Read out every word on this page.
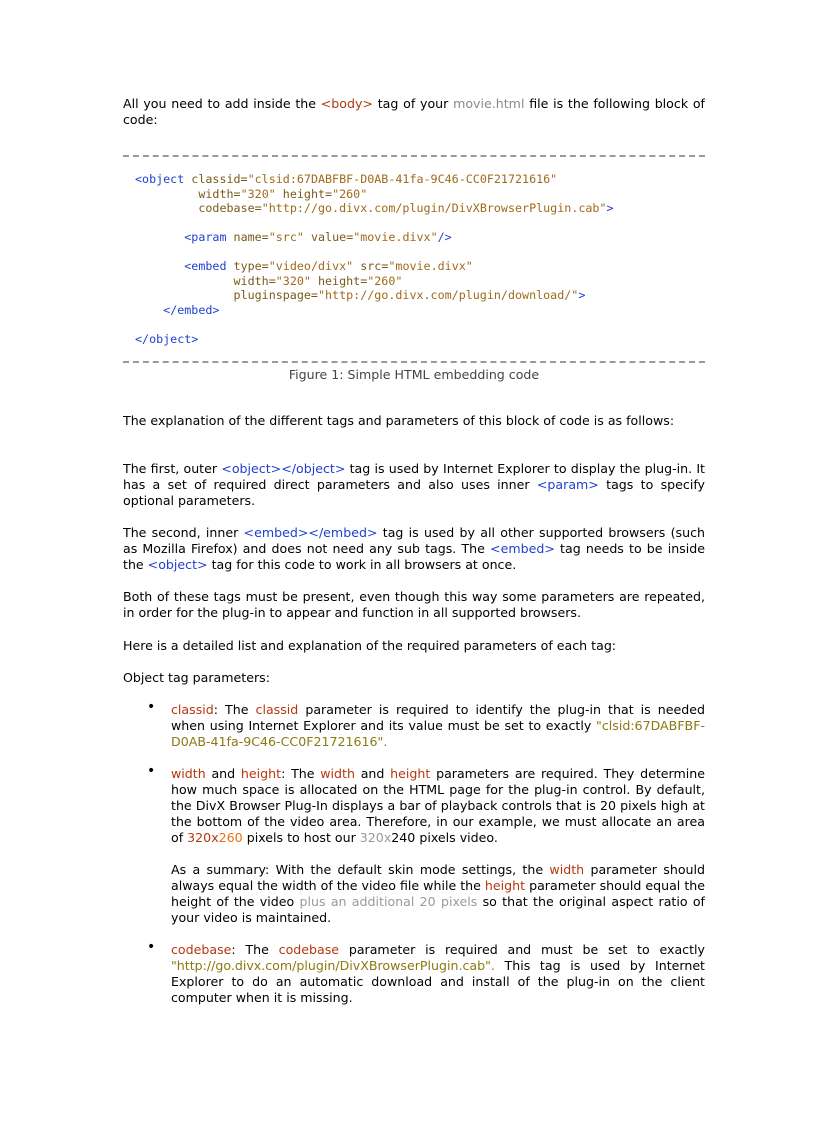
All you need to add inside the <body> tag of your movie.html file is the following block of code:

<object classid="clsid:67DABFBF-D0AB-41fa-9C46-CC0F21721616"
width="320" height="260"
codebase="http://go.divx.com/plugin/DivXBrowserPlugin.cab">

<param name="src" value="movie.divx"/>

<embed type="video/divx" src="movie.divx"
width="320" height="260"
pluginspage="http://go.divx.com/plugin/download/">
</embed>

</object>
Figure 1: Simple HTML embedding code

The explanation of the different tags and parameters of this block of code is as follows:

The first, outer <object></object> tag is used by Internet Explorer to display the plug-in. It has a set of required direct parameters and also uses inner <param> tags to specify optional parameters.

The second, inner <embed></embed> tag is used by all other supported browsers (such as Mozilla Firefox) and does not need any sub tags. The <embed> tag needs to be inside the <object> tag for this code to work in all browsers at once.

Both of these tags must be present, even though this way some parameters are repeated, in order for the plug-in to appear and function in all supported browsers.

Here is a detailed list and explanation of the required parameters of each tag:

Object tag parameters:

• classid: The classid parameter is required to identify the plug-in that is needed when using Internet Explorer and its value must be set to exactly "clsid:67DABFBF-D0AB-41fa-9C46-CC0F21721616".

• width and height: The width and height parameters are required. They determine how much space is allocated on the HTML page for the plug-in control. By default, the DivX Browser Plug-In displays a bar of playback controls that is 20 pixels high at the bottom of the video area. Therefore, in our example, we must allocate an area of 320x260 pixels to host our 320x240 pixels video.

As a summary: With the default skin mode settings, the width parameter should always equal the width of the video file while the height parameter should equal the height of the video plus an additional 20 pixels so that the original aspect ratio of your video is maintained.

• codebase: The codebase parameter is required and must be set to exactly "http://go.divx.com/plugin/DivXBrowserPlugin.cab". This tag is used by Internet Explorer to do an automatic download and install of the plug-in on the client computer when it is missing.
